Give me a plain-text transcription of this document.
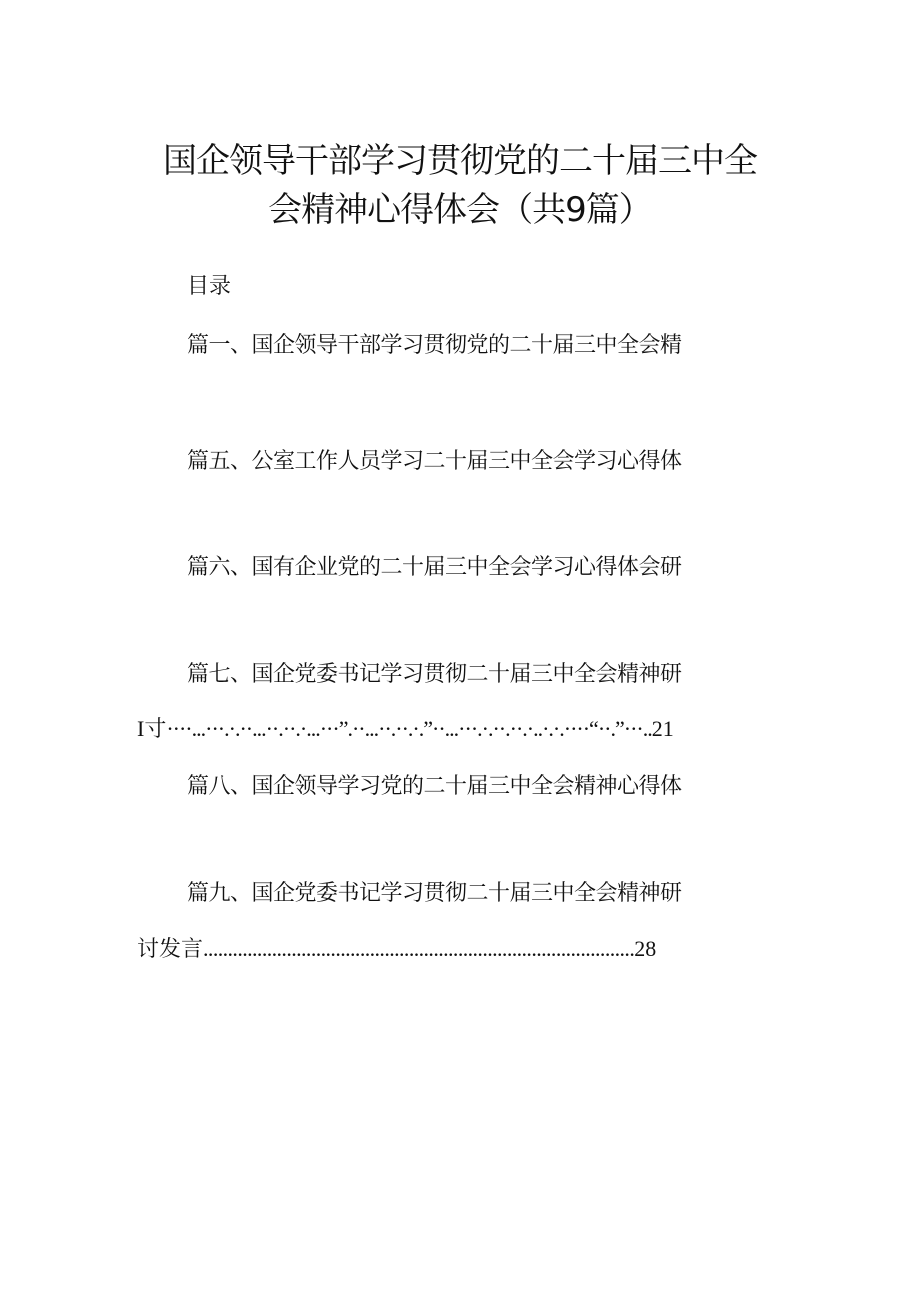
国企领导干部学习贯彻党的二十届三中全
会精神心得体会（共9篇）
目录
篇一、国企领导干部学习贯彻党的二十届三中全会精
篇五、公室工作人员学习二十届三中全会学习心得体
篇六、国有企业党的二十届三中全会学习心得体会研
篇七、国企党委书记学习贯彻二十届三中全会精神研
I寸····...···.·.··...··.··.·...···”.··...··.··.·.”··...···.·.··.··.·..·.·.····“··.”···..21
篇八、国企领导学习党的二十届三中全会精神心得体
篇九、国企党委书记学习贯彻二十届三中全会精神研
讨发言........................................................................................28
